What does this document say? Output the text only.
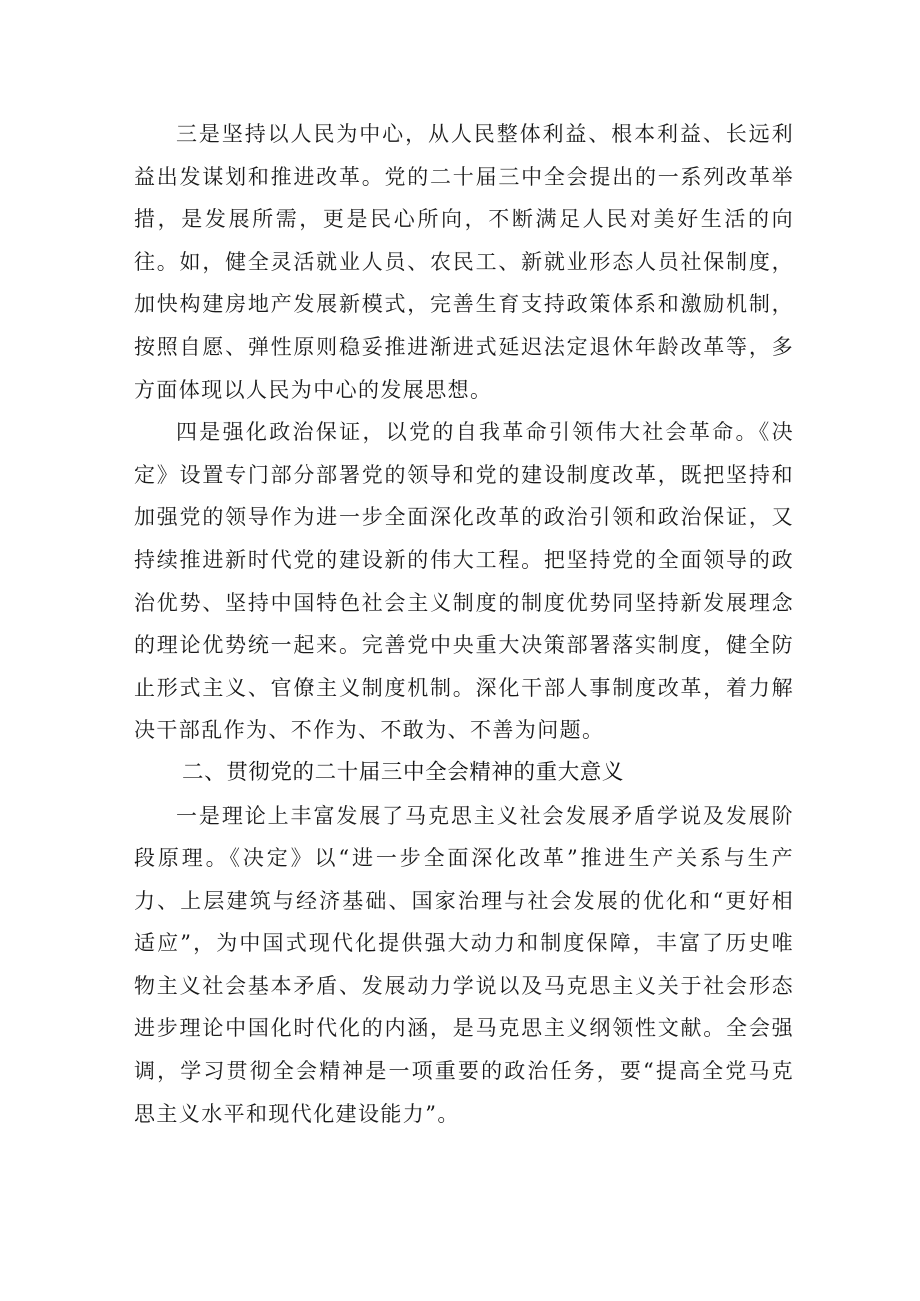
三是坚持以人民为中心，从人民整体利益、根本利益、长远利益出发谋划和推进改革。党的二十届三中全会提出的一系列改革举措，是发展所需，更是民心所向，不断满足人民对美好生活的向往。如，健全灵活就业人员、农民工、新就业形态人员社保制度，加快构建房地产发展新模式，完善生育支持政策体系和激励机制，按照自愿、弹性原则稳妥推进渐进式延迟法定退休年龄改革等，多方面体现以人民为中心的发展思想。

四是强化政治保证，以党的自我革命引领伟大社会革命。《决定》设置专门部分部署党的领导和党的建设制度改革，既把坚持和加强党的领导作为进一步全面深化改革的政治引领和政治保证，又持续推进新时代党的建设新的伟大工程。把坚持党的全面领导的政治优势、坚持中国特色社会主义制度的制度优势同坚持新发展理念的理论优势统一起来。完善党中央重大决策部署落实制度，健全防止形式主义、官僚主义制度机制。深化干部人事制度改革，着力解决干部乱作为、不作为、不敢为、不善为问题。

二、贯彻党的二十届三中全会精神的重大意义

一是理论上丰富发展了马克思主义社会发展矛盾学说及发展阶段原理。《决定》以“进一步全面深化改革”推进生产关系与生产力、上层建筑与经济基础、国家治理与社会发展的优化和“更好相适应”，为中国式现代化提供强大动力和制度保障，丰富了历史唯物主义社会基本矛盾、发展动力学说以及马克思主义关于社会形态进步理论中国化时代化的内涵，是马克思主义纲领性文献。全会强调，学习贯彻全会精神是一项重要的政治任务，要“提高全党马克思主义水平和现代化建设能力”。
